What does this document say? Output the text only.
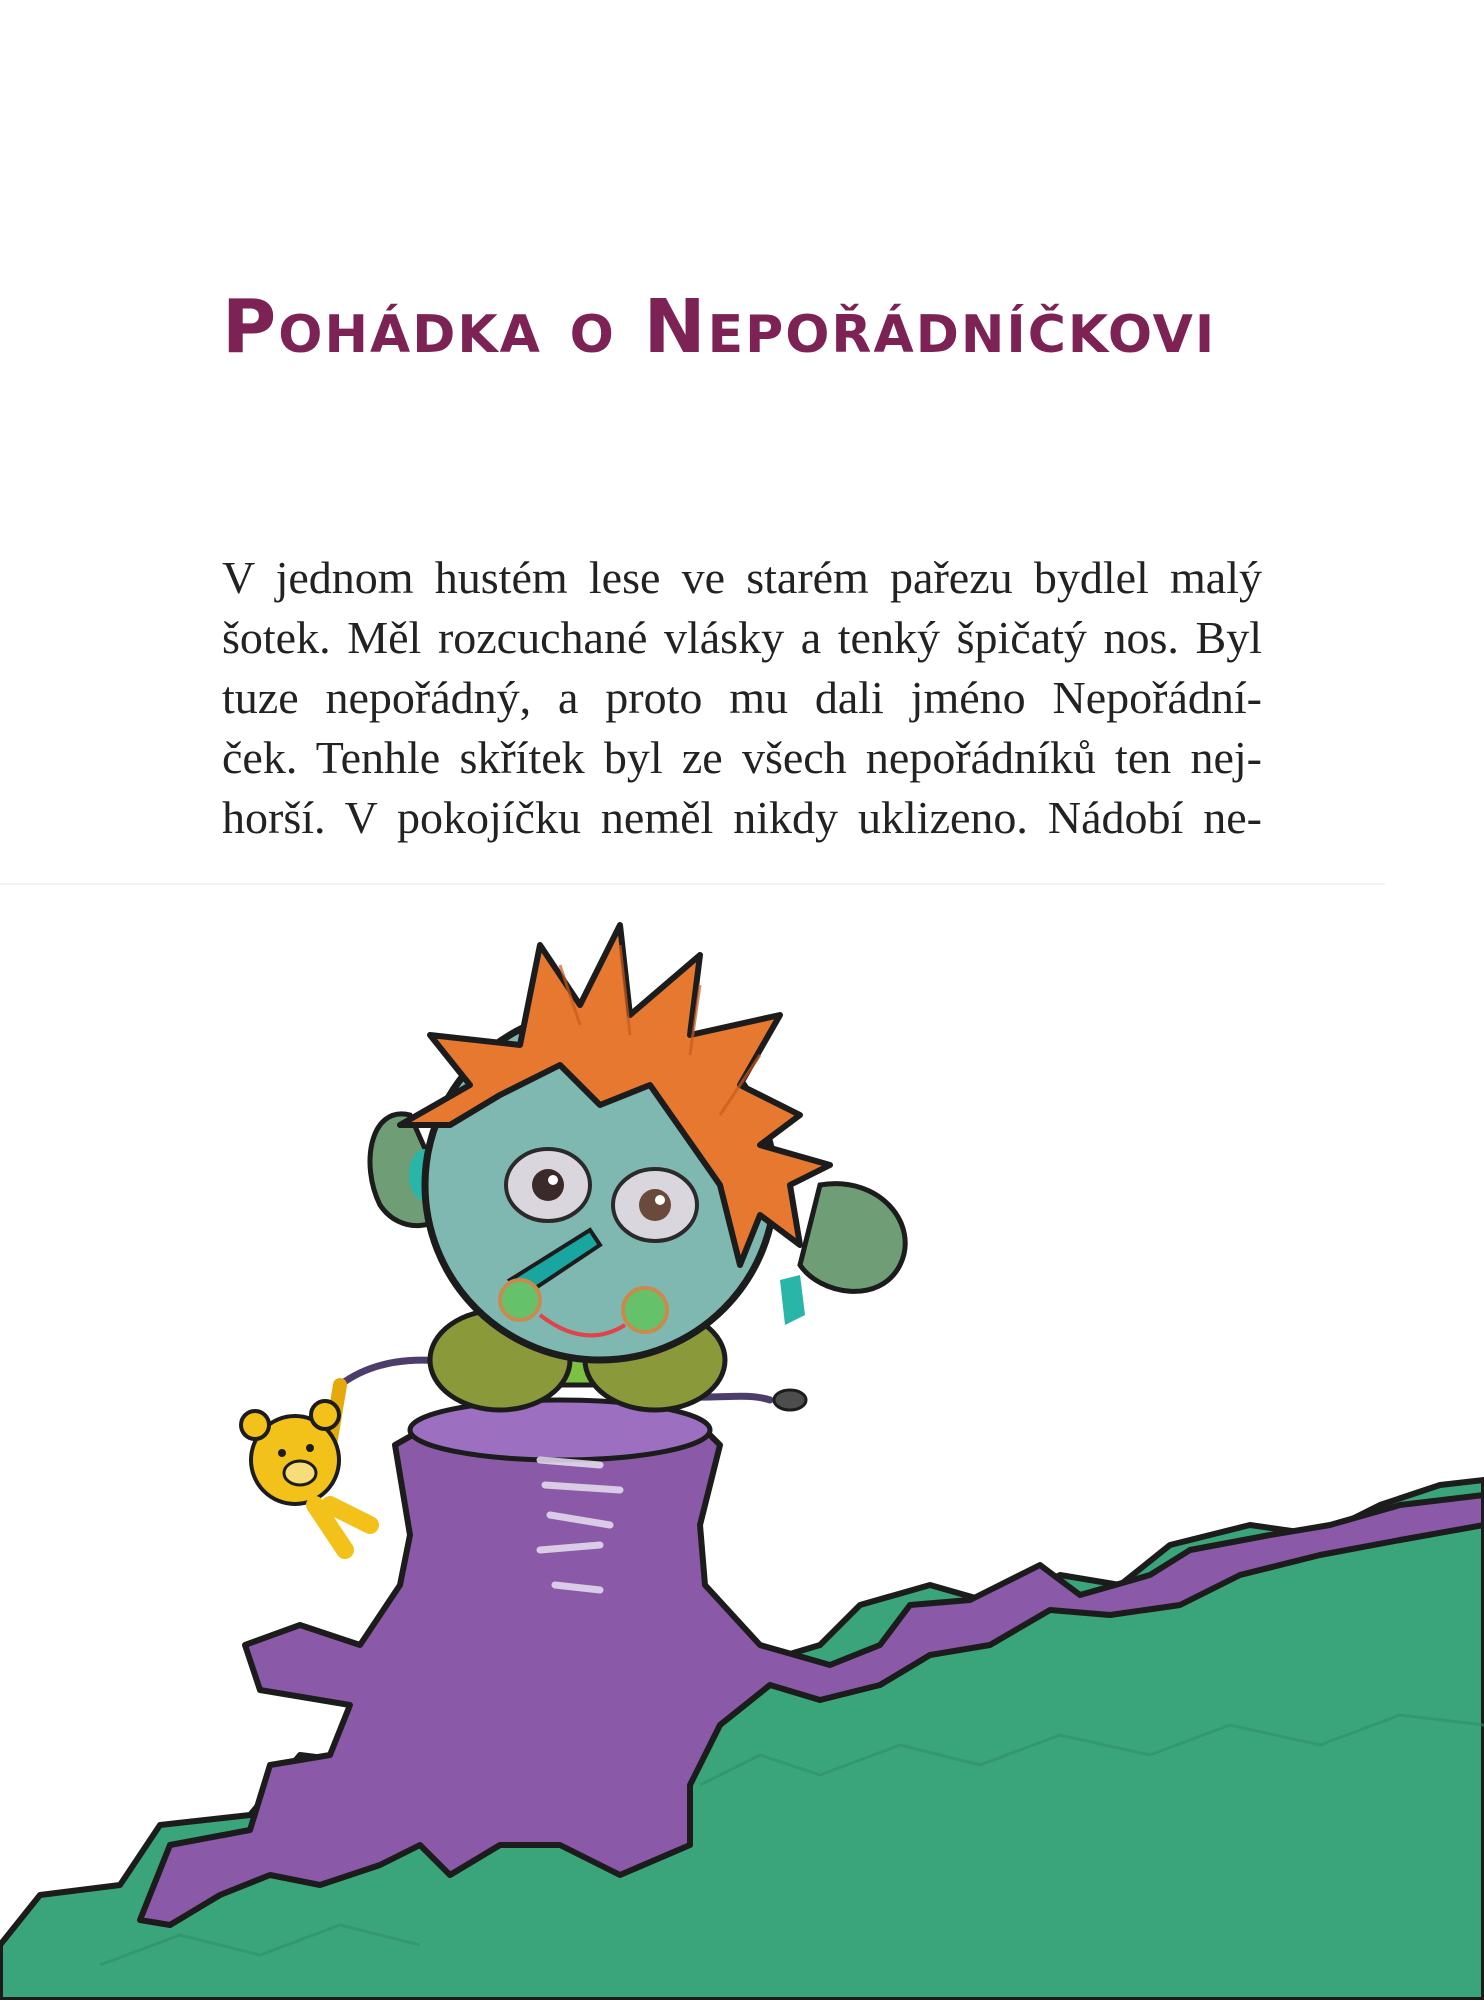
Pohádka o Nepořádníčkovi
V jednom hustém lese ve starém pařezu bydlel malý
šotek. Měl rozcuchané vlásky a tenký špičatý nos. Byl
tuze nepořádný, a proto mu dali jméno Nepořádní-
ček. Tenhle skřítek byl ze všech nepořádníků ten nej-
horší. V pokojíčku neměl nikdy uklizeno. Nádobí ne-
